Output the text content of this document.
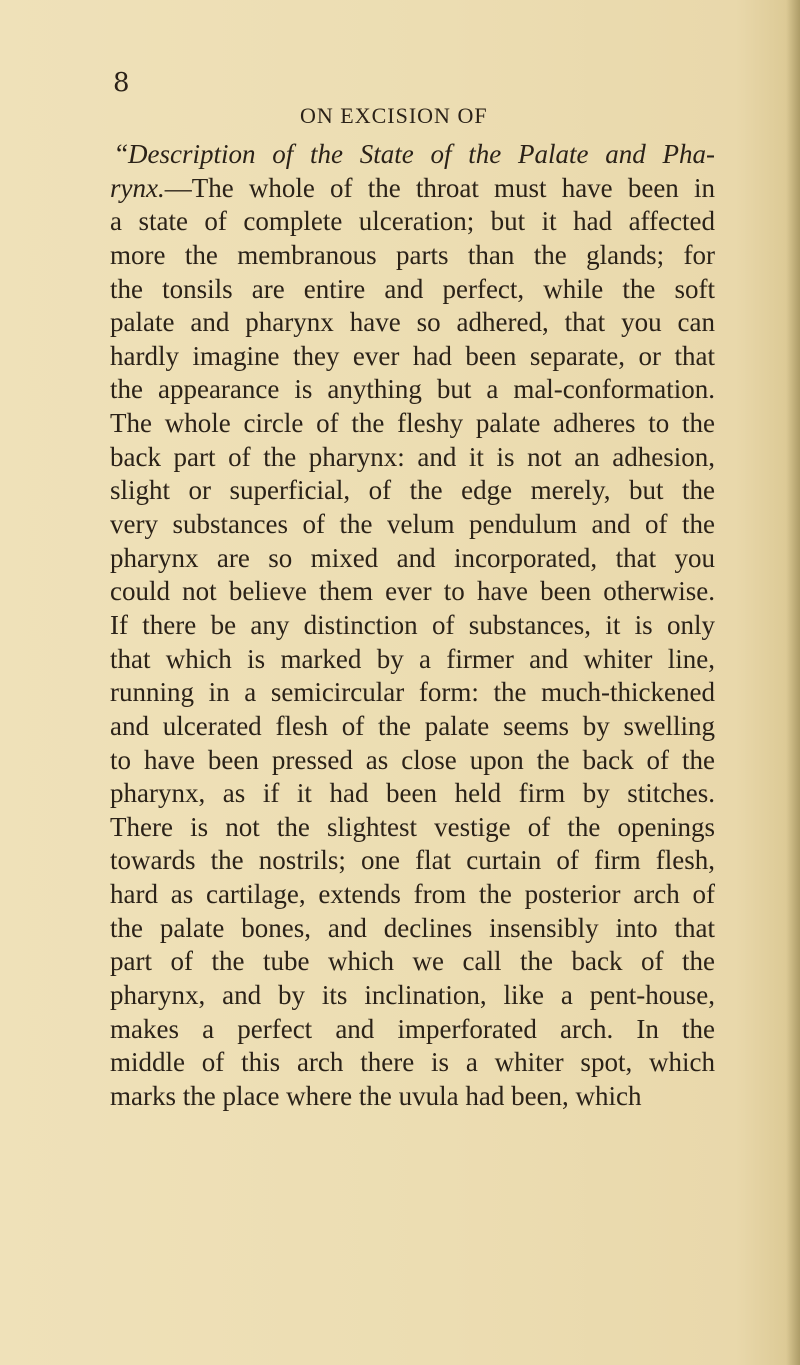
8
ON EXCISION OF
“Description of the State of the Palate and Pha-
rynx.—The whole of the throat must have been in
a state of complete ulceration; but it had affected
more the membranous parts than the glands; for
the tonsils are entire and perfect, while the soft
palate and pharynx have so adhered, that you can
hardly imagine they ever had been separate, or that
the appearance is anything but a mal-conformation.
The whole circle of the fleshy palate adheres to the
back part of the pharynx: and it is not an adhesion,
slight or superficial, of the edge merely, but the
very substances of the velum pendulum and of the
pharynx are so mixed and incorporated, that you
could not believe them ever to have been otherwise.
If there be any distinction of substances, it is only
that which is marked by a firmer and whiter line,
running in a semicircular form: the much-thickened
and ulcerated flesh of the palate seems by swelling
to have been pressed as close upon the back of the
pharynx, as if it had been held firm by stitches.
There is not the slightest vestige of the openings
towards the nostrils; one flat curtain of firm flesh,
hard as cartilage, extends from the posterior arch of
the palate bones, and declines insensibly into that
part of the tube which we call the back of the
pharynx, and by its inclination, like a pent-house,
makes a perfect and imperforated arch. In the
middle of this arch there is a whiter spot, which
marks the place where the uvula had been, which
